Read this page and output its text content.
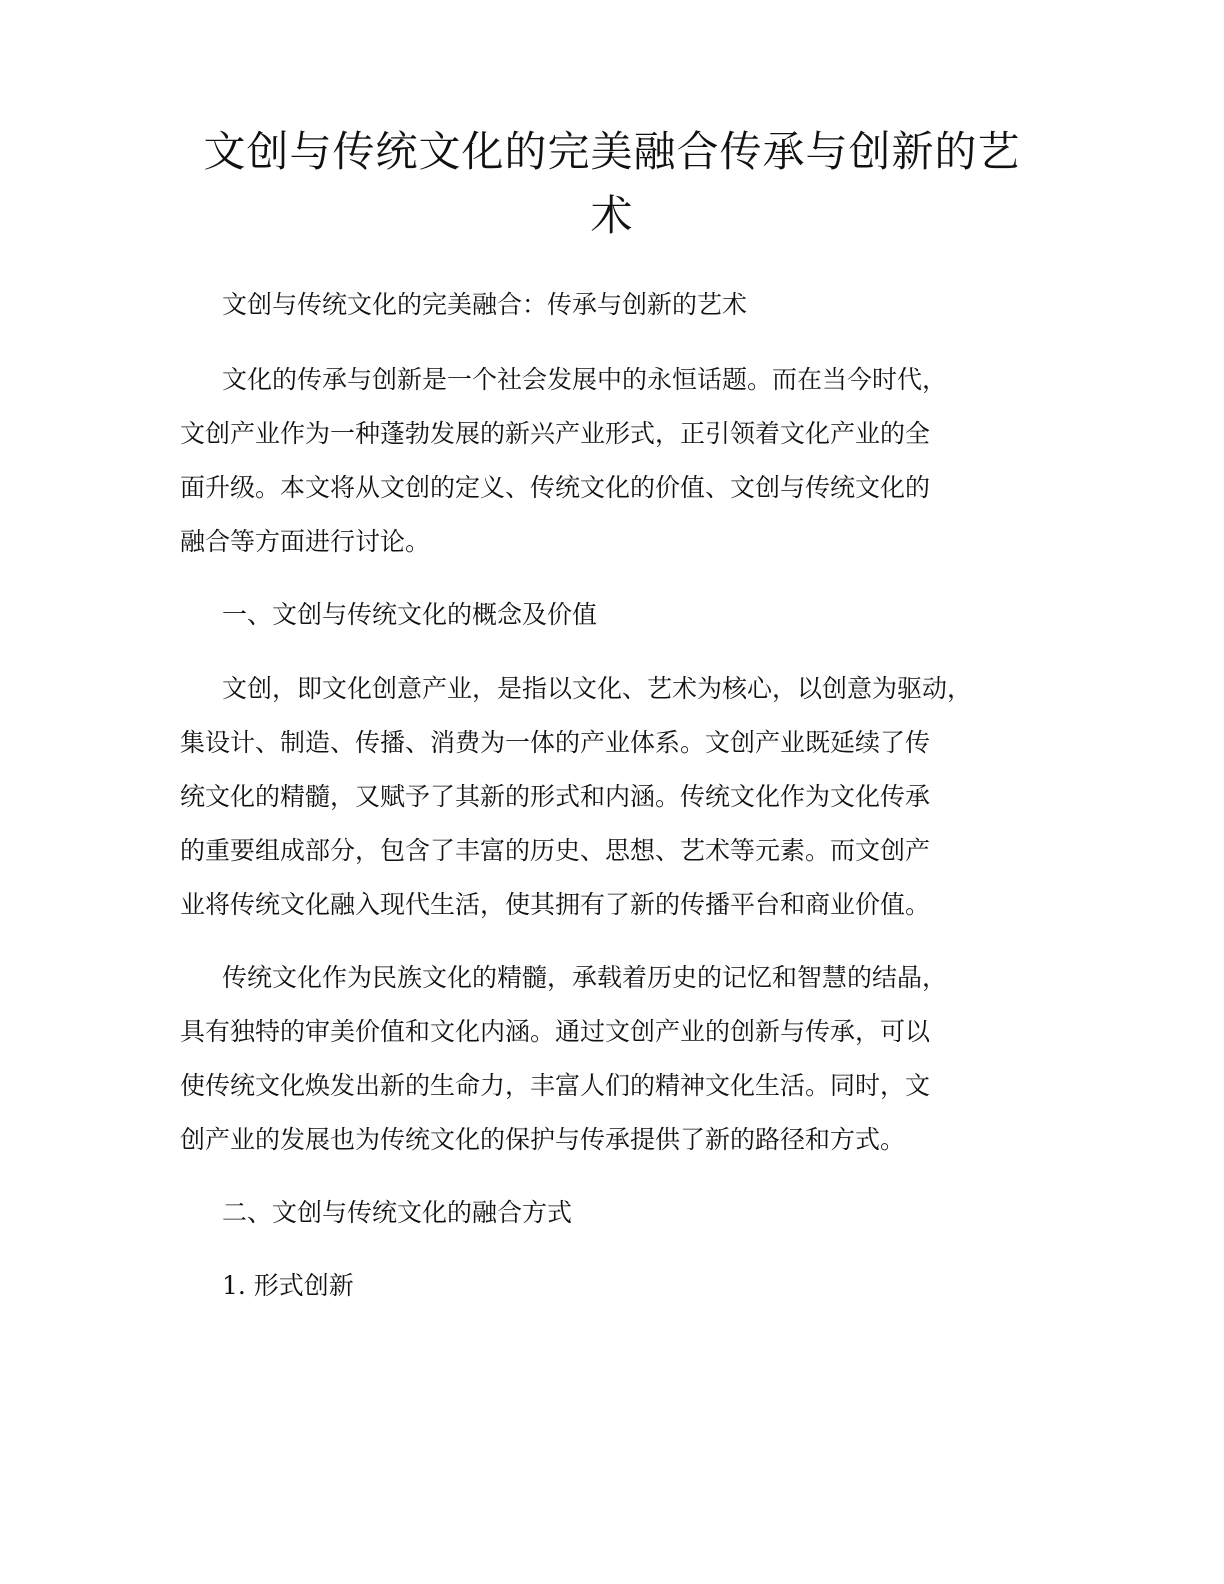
文创与传统文化的完美融合传承与创新的艺
术

文创与传统文化的完美融合：传承与创新的艺术

文化的传承与创新是一个社会发展中的永恒话题。而在当今时代，
文创产业作为一种蓬勃发展的新兴产业形式，正引领着文化产业的全
面升级。本文将从文创的定义、传统文化的价值、文创与传统文化的
融合等方面进行讨论。

一、文创与传统文化的概念及价值

文创，即文化创意产业，是指以文化、艺术为核心，以创意为驱动，
集设计、制造、传播、消费为一体的产业体系。文创产业既延续了传
统文化的精髓，又赋予了其新的形式和内涵。传统文化作为文化传承
的重要组成部分，包含了丰富的历史、思想、艺术等元素。而文创产
业将传统文化融入现代生活，使其拥有了新的传播平台和商业价值。

传统文化作为民族文化的精髓，承载着历史的记忆和智慧的结晶，
具有独特的审美价值和文化内涵。通过文创产业的创新与传承，可以
使传统文化焕发出新的生命力，丰富人们的精神文化生活。同时，文
创产业的发展也为传统文化的保护与传承提供了新的路径和方式。

二、文创与传统文化的融合方式

1. 形式创新
